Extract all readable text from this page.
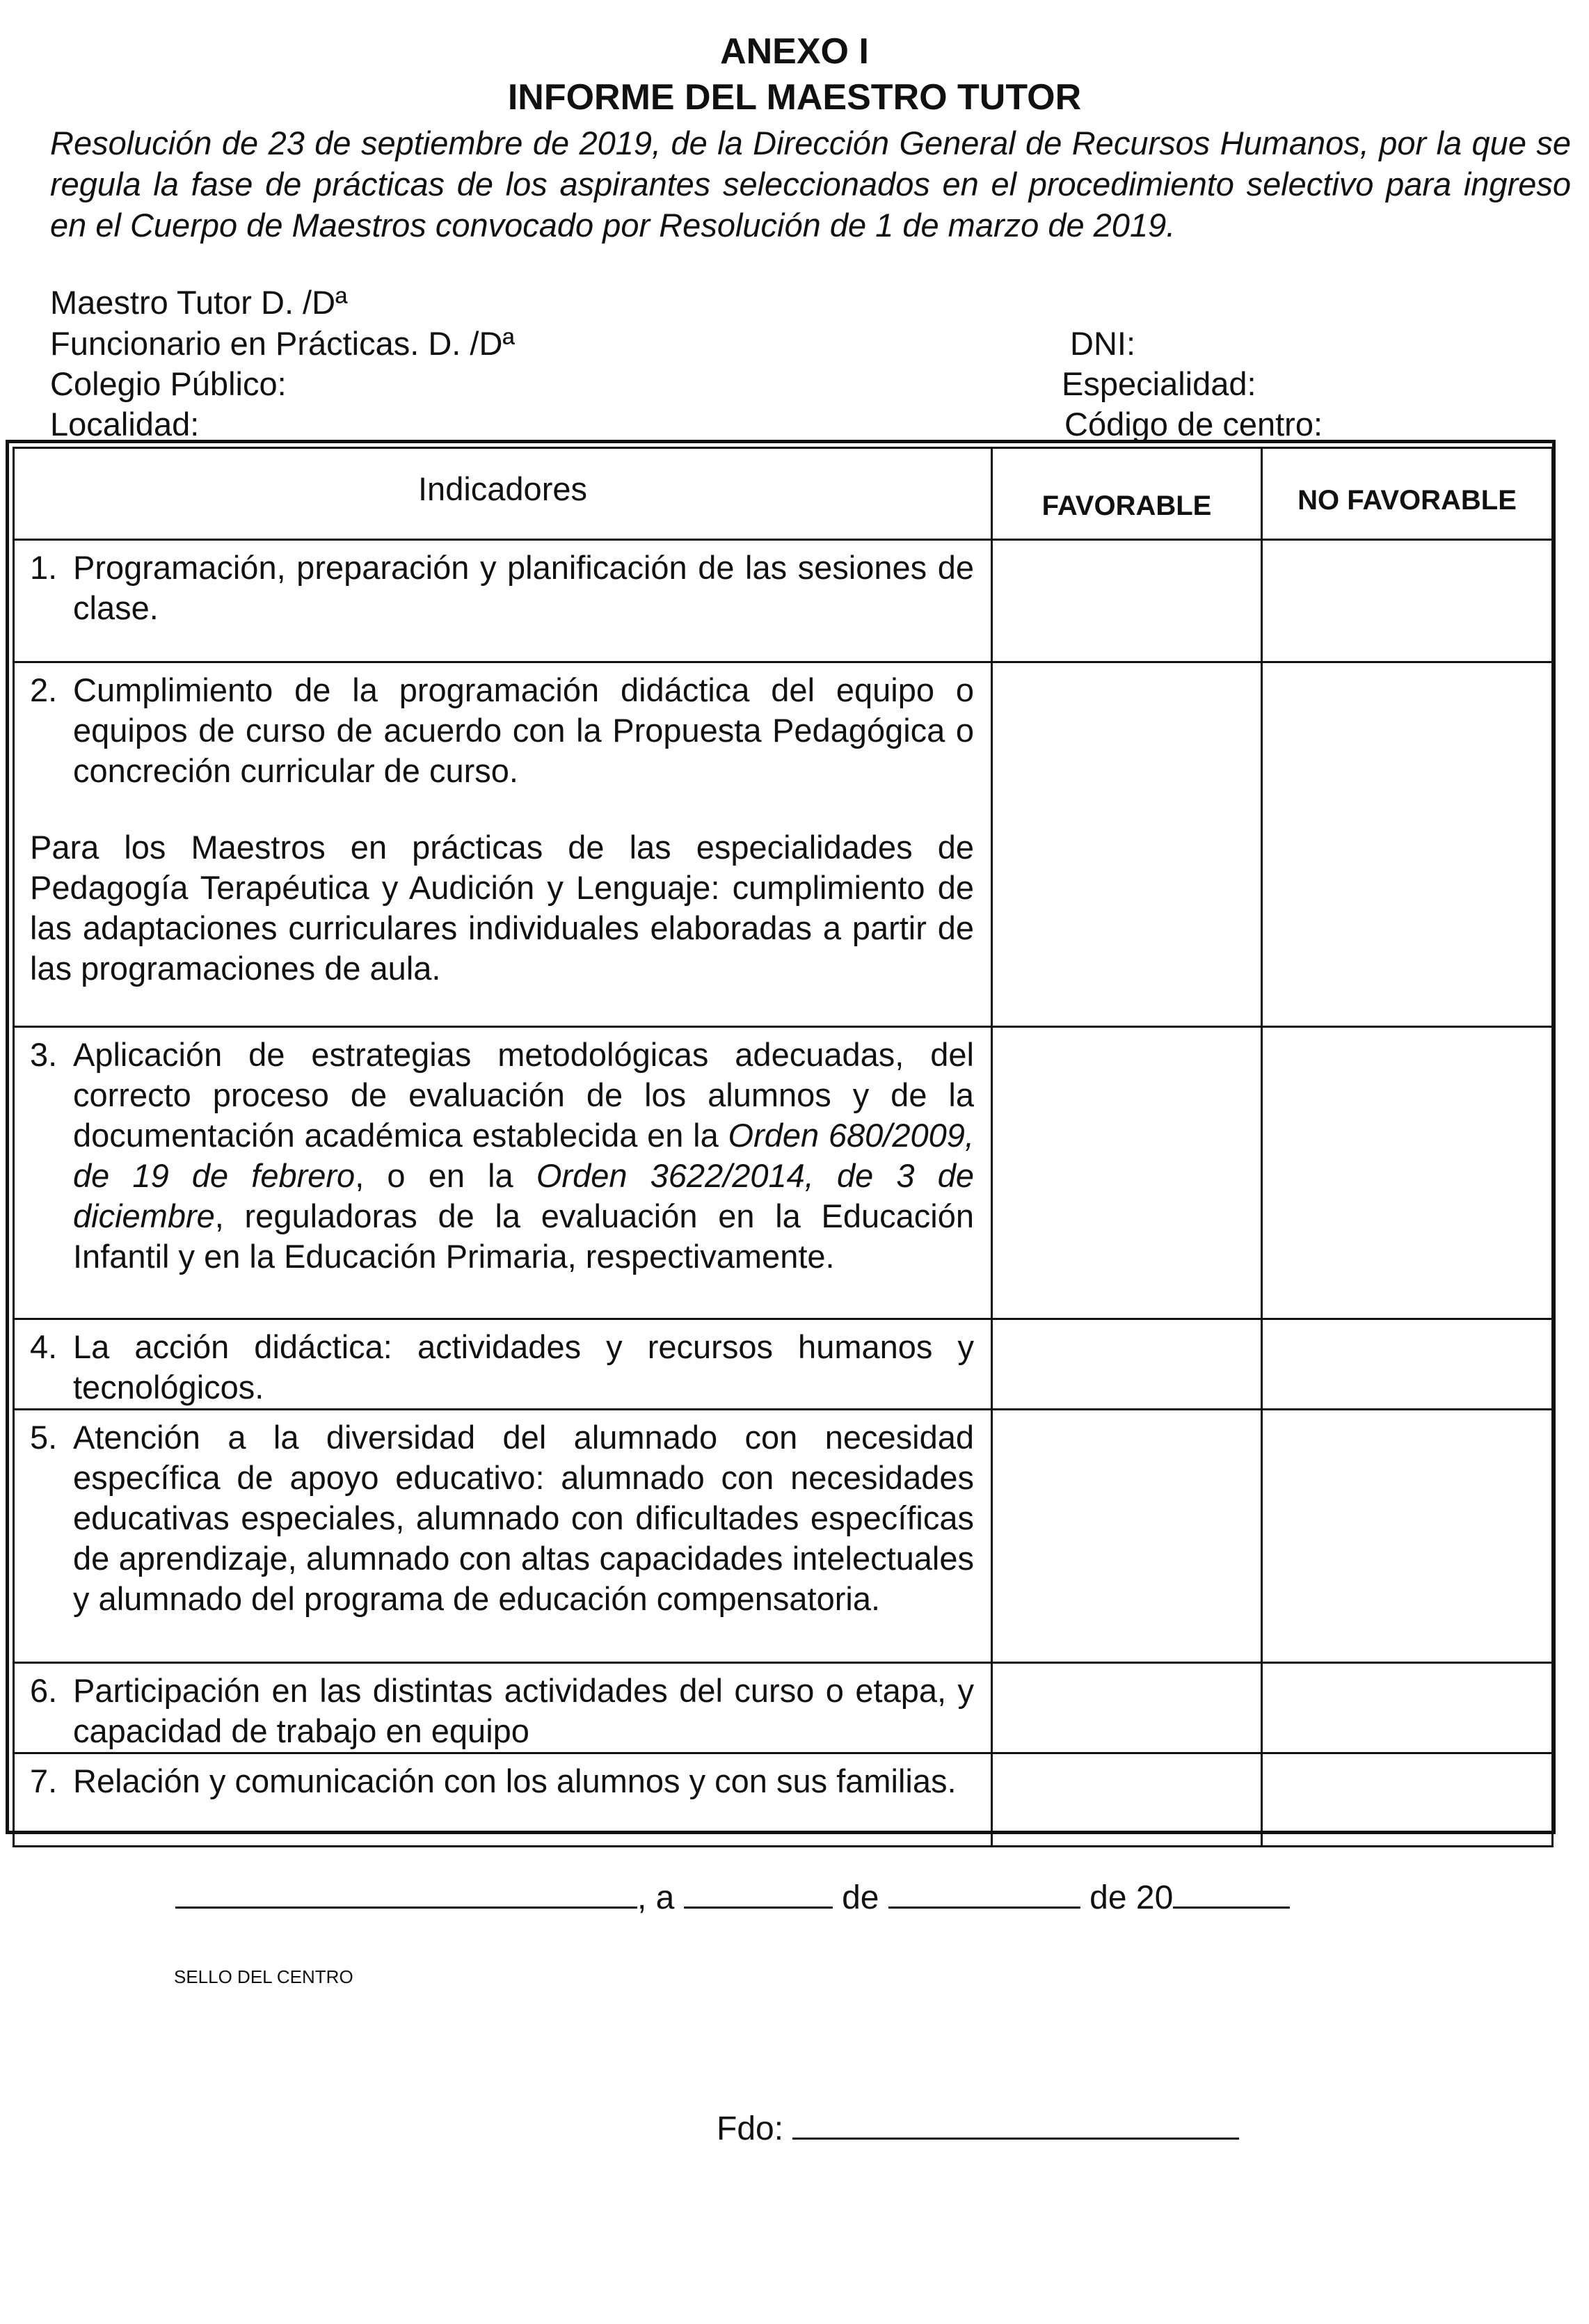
ANEXO I
INFORME DEL MAESTRO TUTOR
Resolución de 23 de septiembre de 2019, de la Dirección General de Recursos Humanos, por la que se regula la fase de prácticas de los aspirantes seleccionados en el procedimiento selectivo para ingreso en el Cuerpo de Maestros convocado por Resolución de 1 de marzo de 2019.
Maestro Tutor D. /Dª
Funcionario en Prácticas. D. /Dª	DNI:
Colegio Público:	Especialidad:
Localidad:	Código de centro:
Indicadores	FAVORABLE	NO FAVORABLE

1. Programación, preparación y planificación de las sesiones de clase.		

2. Cumplimiento de la programación didáctica del equipo o equipos de curso de acuerdo con la Propuesta Pedagógica o concreción curricular de curso.
Para los Maestros en prácticas de las especialidades de Pedagogía Terapéutica y Audición y Lenguaje: cumplimiento de las adaptaciones curriculares individuales elaboradas a partir de las programaciones de aula.		

3. Aplicación de estrategias metodológicas adecuadas, del correcto proceso de evaluación de los alumnos y de la documentación académica establecida en la Orden 680/2009, de 19 de febrero, o en la Orden 3622/2014, de 3 de diciembre, reguladoras de la evaluación en la Educación Infantil y en la Educación Primaria, respectivamente.		

4. La acción didáctica: actividades y recursos humanos y tecnológicos.		

5. Atención a la diversidad del alumnado con necesidad específica de apoyo educativo: alumnado con necesidades educativas especiales, alumnado con dificultades específicas de aprendizaje, alumnado con altas capacidades intelectuales y alumnado del programa de educación compensatoria.		

6. Participación en las distintas actividades del curso o etapa, y capacidad de trabajo en equipo		

7. Relación y comunicación con los alumnos y con sus familias.		

, a	de	de 20
SELLO DEL CENTRO
Fdo:
